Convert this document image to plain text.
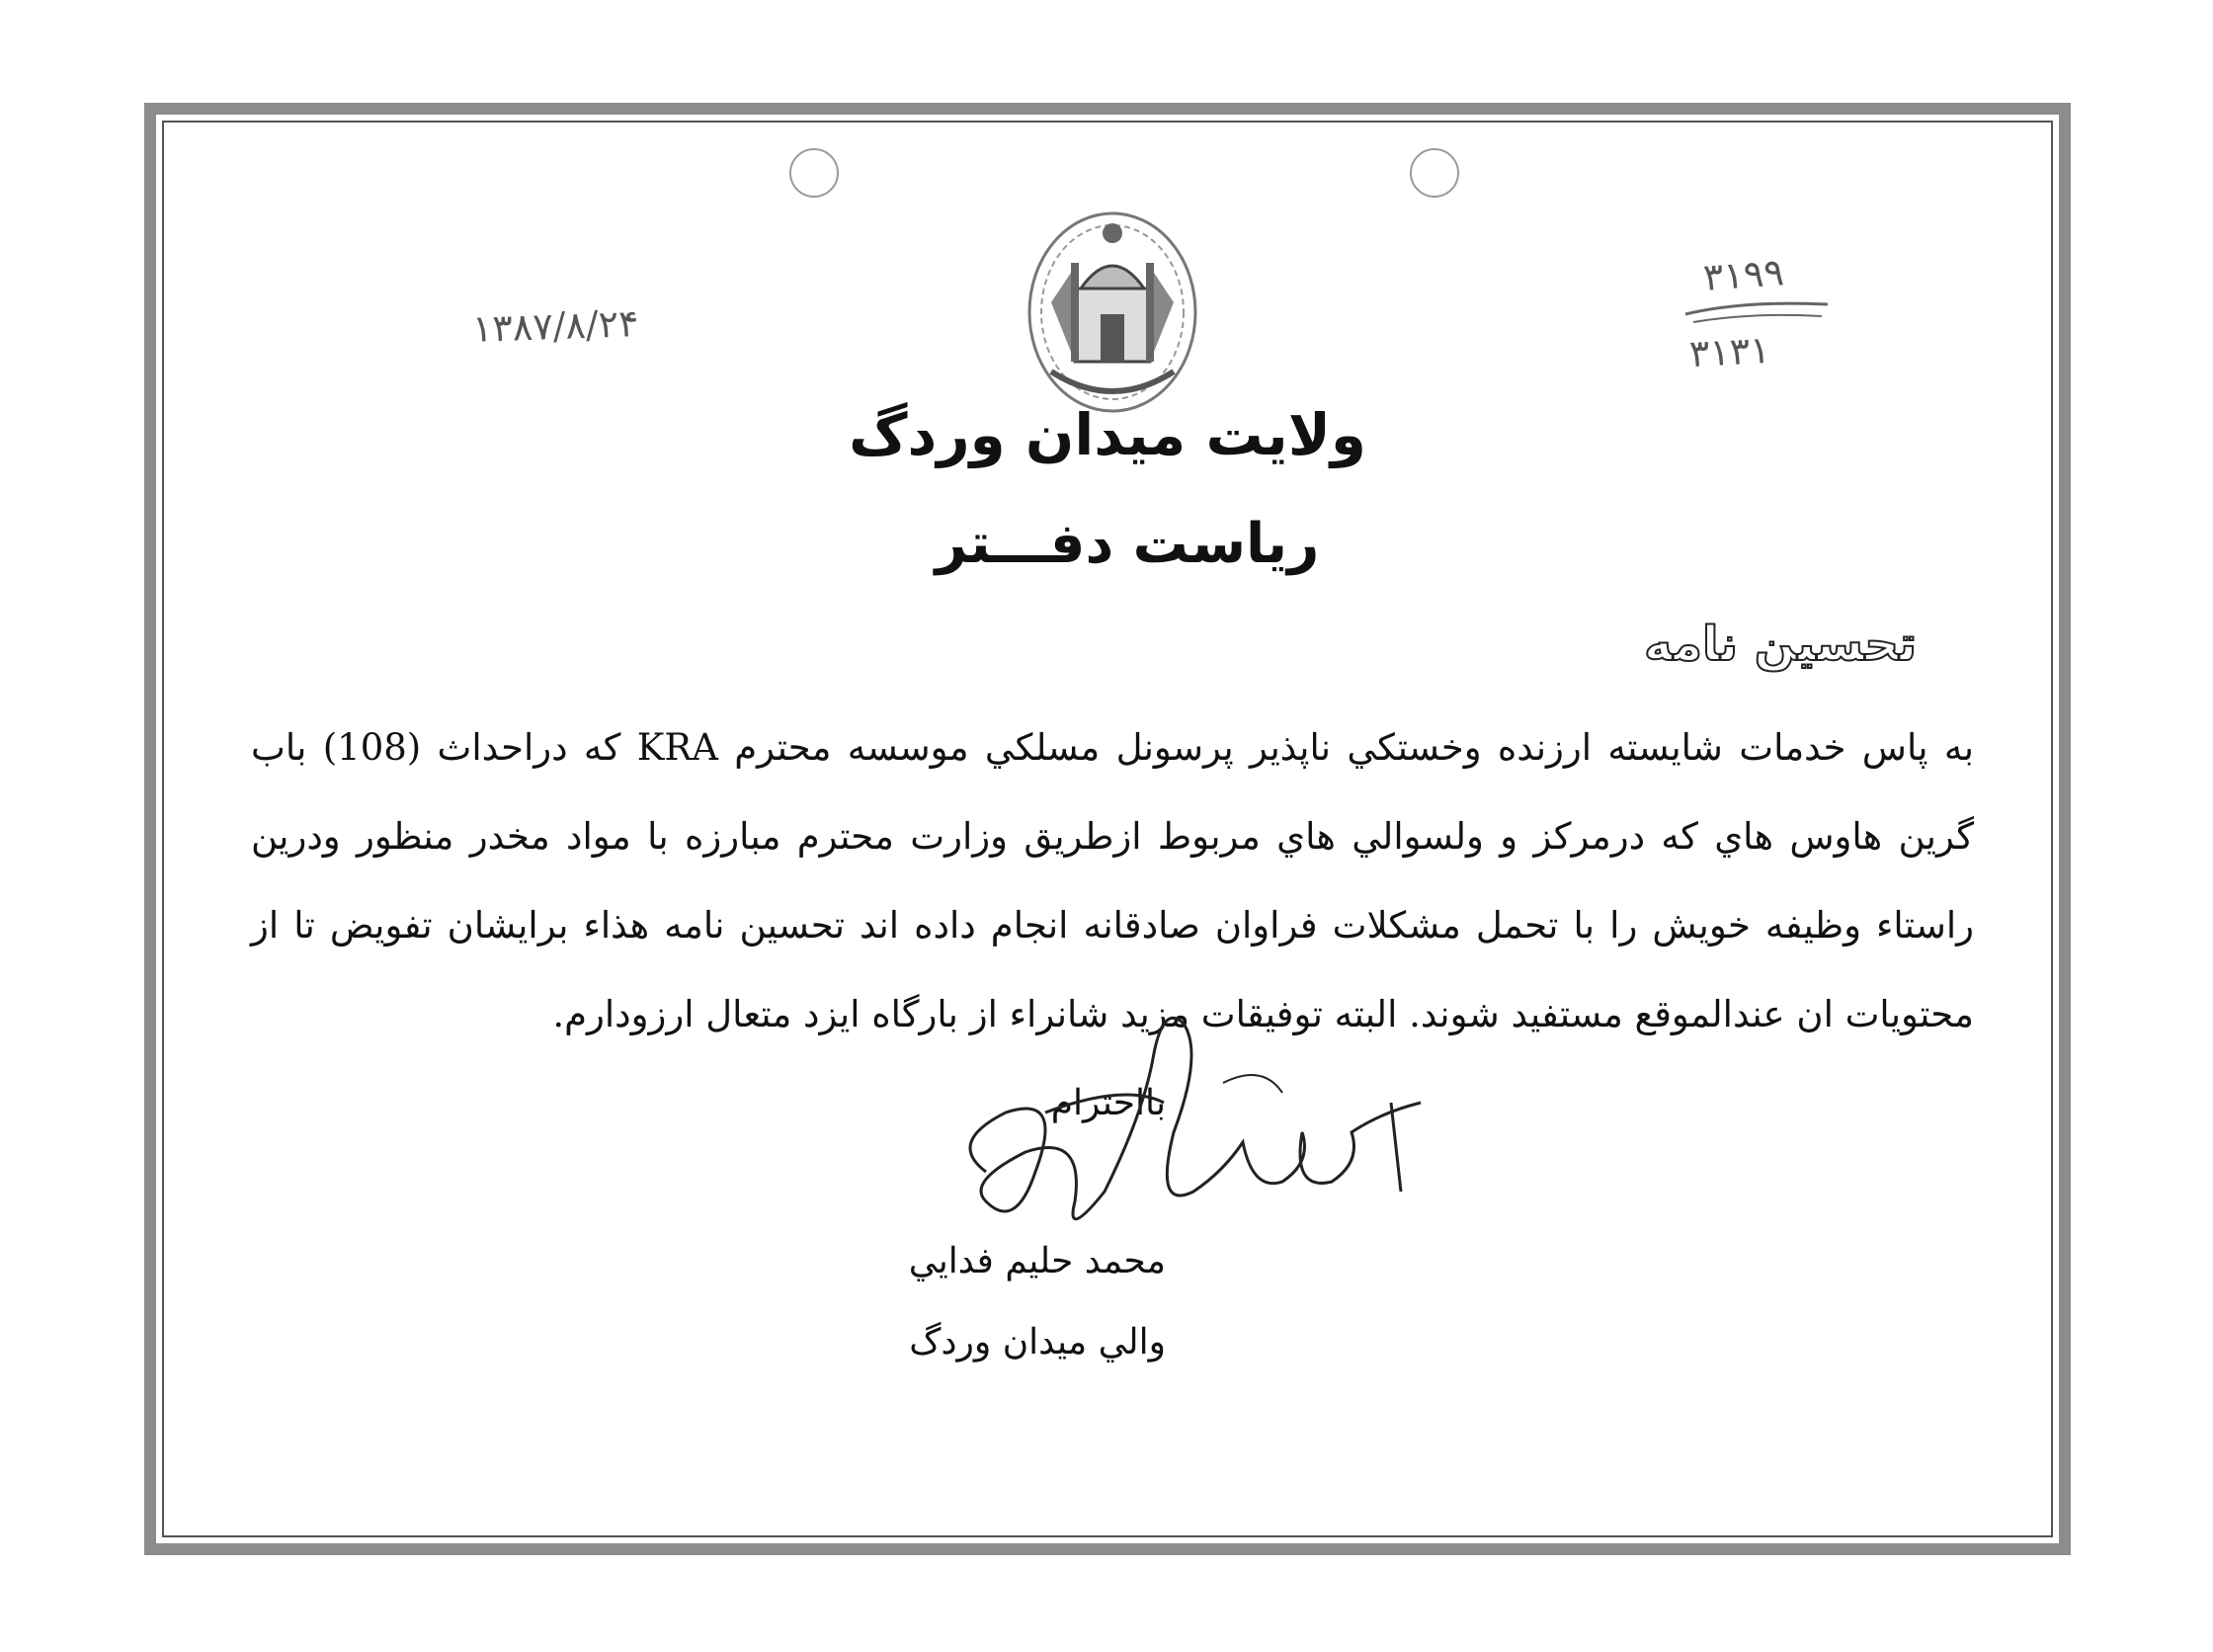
۱۳۸۷/۸/۲۴
۳۱۹۹
۳۱۳۱
ولايت ميدان وردگ
رياست دفـــتر
تحسين نامه

به پاس خدمات شايسته ارزنده وخستكي ناپذير پرسونل مسلكي موسسه محترم KRA كه دراحداث (108) باب گرين هاوس هاي كه درمركز و ولسوالي هاي مربوط ازطريق وزارت محترم مبارزه با مواد مخدر منظور ودرين راستاء وظيفه خويش را با تحمل مشكلات فراوان صادقانه انجام داده اند تحسين نامه هذاء برايشان تفويض تا از محتويات ان عندالموقع مستفيد شوند. البته توفيقات مزيد شانراء از بارگاه ايزد متعال ارزودارم.

بااحترام
محمد حليم فدايي
والي ميدان وردگ
